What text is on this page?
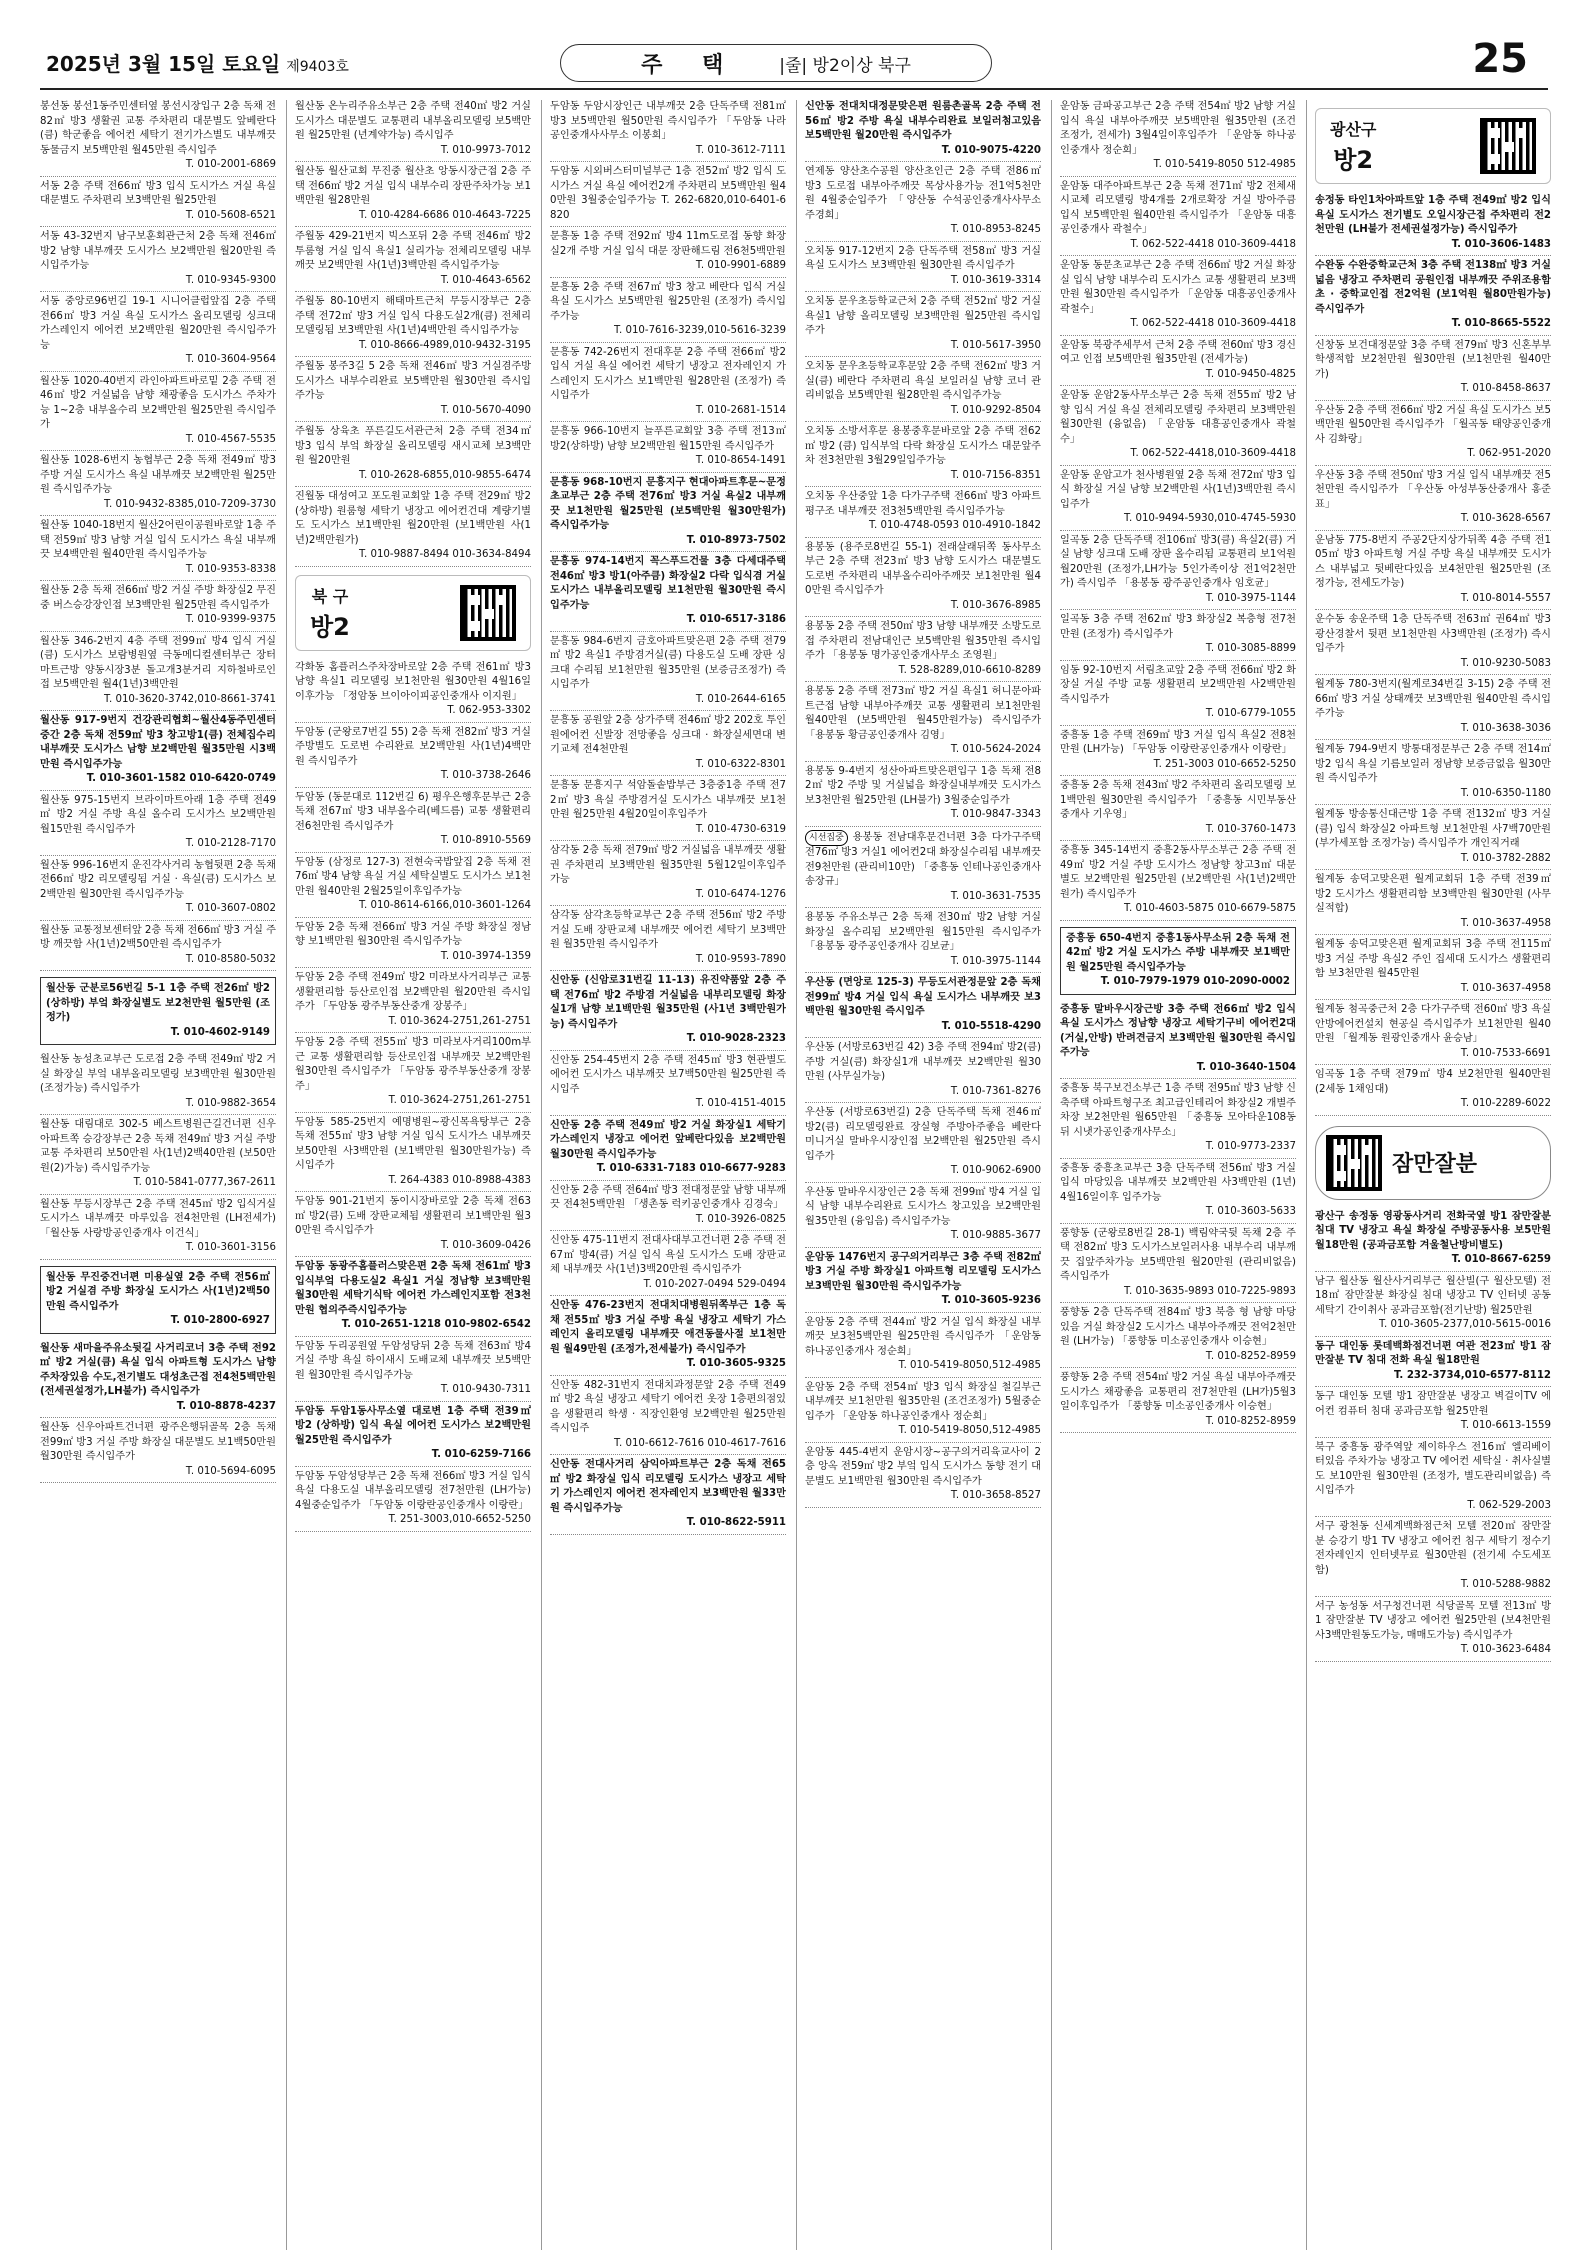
2025년 3월 15일 토요일 제9403호	주 택 |줄| 방2이상 북구	25
봉선동 봉선1동주민센터옆 봉선시장입구 2층 독채 전82㎡ 방3 생활권 교통 주차편리 대문별도 앞베란다(큼) 학군좋음 에어컨 세탁기 전기가스별도 내부깨끗 동물금지 보5백만원 월45만원 즉시입주
T. 010-2001-6869
서동 2층 주택 전66㎡ 방3 입식 도시가스 거실 욕실 대문별도 주차편리 보3백만원 월25만원
T. 010-5608-6521
서동 43-32번지 남구보훈회관근처 2층 독채 전46㎡ 방2 남향 내부깨끗 도시가스 보2백만원 월20만원 즉시입주가능
T. 010-9345-9300
서동 중앙로96번길 19-1 시니어클럽앞집 2층 주택 전66㎡ 방3 거실 욕실 도시가스 올리모델링 싱크대 가스레인지 에어컨 보2백만원 월20만원 즉시입주가능
T. 010-3604-9564
월산동 1020-40번지 라인아파트바로밑 2층 주택 전46㎡ 방2 거실넓음 남향 채광좋음 도시가스 주차가능 1~2층 내부올수리 보2백만원 월25만원 즉시입주가
T. 010-4567-5535
월산동 1028-6번지 농협부근 2층 독채 전49㎡ 방3 주방 거실 도시가스 욕실 내부깨끗 보2백만원 월25만원 즉시입주가능
T. 010-9432-8385,010-7209-3730
월산동 1040-18번지 월산2어린이공원바로앞 1층 주택 전59㎡ 방3 남향 거실 입식 도시가스 욕실 내부깨끗 보4백만원 월40만원 즉시입주가능
T. 010-9353-8338
월산동 2층 독채 전66㎡ 방2 거실 주방 화장실2 무진중 버스승강장인접 보3백만원 월25만원 즉시입주가
T. 010-9399-9375
월산동 346-2번지 4층 주택 전99㎡ 방4 입식 거실(큼) 도시가스 보람병원옆 극동메디컬센터부근 장터마트근방 양동시장3분 돌고개3분거리 지하철바로인접 보5백만원 월4(1년)3백만원
T. 010-3620-3742,010-8661-3741
월산동 917-9번지 건강관리협회~월산4동주민센터중간 2층 독채 전59㎡ 방3 창고방1(큼) 전체집수리 내부깨끗 도시가스 남향 보2백만원 월35만원 시3백만원 즉시입주가능
T. 010-3601-1582 010-6420-0749
월산동 975-15번지 브라이마트아래 1층 주택 전49㎡ 방2 거실 주방 욕실 올수리 도시가스 보2백만원 월15만원 즉시입주가
T. 010-2128-7170
월산동 996-16번지 운진각사거리 농협뒷편 2층 독채 전66㎡ 방2 리모델링됨 거실 · 욕실(큼) 도시가스 보2백만원 월30만원 즉시입주가능
T. 010-3607-0802
월산동 교통정보센터앞 2층 독채 전66㎡ 방3 거실 주방 깨끗함 사(1년)2백50만원 즉시입주가
T. 010-8580-5032
월산동 군분로56번길 5-1 1층 주택 전26㎡ 방2(상하방) 부엌 화장실별도 보2천만원 월5만원 (조정가)
T. 010-4602-9149
월산동 농성초교부근 도로접 2층 주택 전49㎡ 방2 거실 화장실 부엌 내부올리모델링 보3백만원 월30만원 (조정가능) 즉시입주가
T. 010-9882-3654
월산동 대림대로 302-5 베스트병원근길건너편 신우아파트쪽 승강장부근 2층 독채 전49㎡ 방3 거실 주방 교통 주차편리 보50만원 사(1년)2백40만원 (보50만원(2)가능) 즉시입주가능
T. 010-5841-0777,367-2611
월산동 무등시장부근 2층 주택 전45㎡ 방2 입식거실 도시가스 내부깨끗 마루있음 전4천만원 (LH전세가) 「월산동 사랑방공인중개사 이건식」
T. 010-3601-3156
월산동 무진중건너편 미용실옆 2층 주택 전56㎡ 방2 거실겸 주방 화장실 도시가스 사(1년)2백50만원 즉시입주가
T. 010-2800-6927
월산동 새마을주유소뒷길 사거리코너 3층 주택 전92㎡ 방2 거실(큼) 욕실 입식 아파트형 도시가스 남향 주차장있음 수도,전기별도 대성초근접 전4천5백만원 (전세권설정가,LH불가) 즉시입주가
T. 010-8878-4237
월산동 신우아파트건너편 광주은행뒤골목 2층 독채 전99㎡ 방3 거실 주방 화장실 대문별도 보1백50만원 월30만원 즉시입주가
T. 010-5694-6095
월산동 온누리주유소부근 2층 주택 전40㎡ 방2 거실 도시가스 대문별도 교통편리 내부올리모델링 보5백만원 월25만원 (년계약가능) 즉시입주
T. 010-9973-7012
월산동 월산교회 무진중 월산초 앙동시장근접 2층 주택 전66㎡ 방2 거실 입식 내부수리 장판주차가능 보1백만원 월28만원
T. 010-4284-6686 010-4643-7225
주월동 429-21번지 빅스포뒤 2층 주택 전46㎡ 방2 투룸형 거실 입식 욕실1 실리가능 전체리모델링 내부깨끗 보2백만원 사(1년)3백만원 즉시입주가능
T. 010-4643-6562
주월동 80-10번지 해태마트근처 무등시장부근 2층 주택 전72㎡ 방3 거실 입식 다용도실2개(큼) 전체리모델링됨 보3백만원 사(1년)4백만원 즉시입주가능
T. 010-8666-4989,010-9432-3195
주월동 봉주3길 5 2층 독채 전46㎡ 방3 거실겸주방 도시가스 내부수리완료 보5백만원 월30만원 즉시입주가능
T. 010-5670-4090
주월동 상육초 푸른길도서관근처 2층 주택 전34㎡ 방3 입식 부엌 화장실 올리모델링 새시교체 보3백만원 월20만원
T. 010-2628-6855,010-9855-6474
진월동 대성여고 포도원교회앞 1층 주택 전29㎡ 방2(상하방) 원룸형 세탁기 냉장고 에어컨건대 계량기별도 도시가스 보1백만원 월20만원 (보1백만원 사(1년)2백만원가)
T. 010-9887-8494 010-3634-8494
북 구
방2
각화동 홈플러스주차장바로앞 2층 주택 전61㎡ 방3 남향 욕실1 리모델링 보1천만원 월30만원 4월16일이후가능 「정암동 브이아이피공인중개사 이지원」
T. 062-953-3302
두암동 (군왕로7번길 55) 2층 독채 전82㎡ 방3 거실 주방별도 도로변 수리완료 보2백만원 사(1년)4백만원 즉시입주가
T. 010-3738-2646
두암동 (동문대로 112번길 6) 평우은행후문부근 2층 독채 전67㎡ 방3 내부올수리(베드름) 교통 생활편리 전6천만원 즉시입주가
T. 010-8910-5569
두암동 (삼정로 127-3) 전현숙국밥앞집 2층 독채 전76㎡ 방4 남향 욕실 거실 세탁실별도 도시가스 보1천만원 월40만원 2월25일이후입주가능
T. 010-8614-6166,010-3601-1264
두암동 2층 독채 전66㎡ 방3 거실 주방 화장실 정남향 보1백만원 월30만원 즉시입주가능
T. 010-3974-1359
두암동 2층 주택 전49㎡ 방2 미라보사거리부근 교통 생활편리함 등산로인접 보2백만원 월20만원 즉시입주가 「두암동 광주부동산중개 장봉주」
T. 010-3624-2751,261-2751
두암동 2층 주택 전55㎡ 방3 미라보사거리100m부근 교통 생활편리함 등산로인접 내부깨끗 보2백만원 월30만원 즉시입주가 「두암동 광주부동산중개 장봉주」
T. 010-3624-2751,261-2751
두암동 585-25번지 예명병원~광신목욕탕부근 2층 독채 전55㎡ 방3 남향 거실 입식 도시가스 내부깨끗 보50만원 사3백만원 (보1백만원 월30만원가능) 즉시입주가
T. 264-4383 010-8988-4383
두암동 901-21번지 동이시장바로앞 2층 독채 전63㎡ 방2(큼) 도배 장판교체됨 생활편리 보1백만원 월30만원 즉시입주가
T. 010-3609-0426
두암동 동광주홈플러스맞은편 2층 독채 전61㎡ 방3 입식부엌 다용도실2 욕실1 거실 정남향 보3백만원 월30만원 세탁기식탁 에어컨 가스레인지포함 전3천만원 협의주즉시입주가능
T. 010-2651-1218 010-9802-6542
두암동 두리공원옆 두암성당뒤 2층 독채 전63㎡ 방4 거실 주방 욕실 하이새시 도배교체 내부깨끗 보5백만원 월30만원 즉시입주가능
T. 010-9430-7311
두암동 두암1동사무소옆 대로변 1층 주택 전39㎡ 방2 (상하방) 입식 욕실 에어컨 도시가스 보2백만원 월25만원 즉시입주가
T. 010-6259-7166
두암동 두암성당부근 2층 독채 전66㎡ 방3 거실 입식 욕실 다용도실 내부올리모델링 전7천만원 (LH가능) 4월중순입주가 「두암동 이랑란공인중개사 이랑란」
T. 251-3003,010-6652-5250
두암동 두암시장인근 내부깨끗 2층 단독주택 전81㎡ 방3 보5백만원 월50만원 즉시입주가 「두암동 나라공인중개사사무소 이봉희」
T. 010-3612-7111
두암동 시외버스터미널부근 1층 전52㎡ 방2 입식 도시가스 거실 욕실 에어컨2개 주차편리 보5백만원 월40만원 3월중순입주가능 T. 262-6820,010-6401-6820
문흥동 1층 주택 전92㎡ 방4 11m도로접 동향 화장실2개 주방 거실 입식 대문 장판해드림 전6천5백만원
T. 010-9901-6889
문흥동 2층 주택 전67㎡ 방3 창고 베란다 입식 거실 욕실 도시가스 보5백만원 월25만원 (조정가) 즉시입주가능
T. 010-7616-3239,010-5616-3239
문흥동 742-26번지 전대후문 2층 주택 전66㎡ 방2 입식 거실 욕실 에어컨 세탁기 냉장고 전자레인지 가스레인지 도시가스 보1백만원 월28만원 (조정가) 즉시입주가
T. 010-2681-1514
문흥동 966-10번지 늘푸른교회앞 3층 주택 전13㎡ 방2(상하방) 남향 보2백만원 월15만원 즉시입주가
T. 010-8654-1491
문흥동 968-10번지 문흥지구 현대아파트후문~문정초교부근 2층 주택 전76㎡ 방3 거실 욕실2 내부깨끗 보1천만원 월25만원 (보5백만원 월30만원가) 즉시입주가능
T. 010-8973-7502
문흥동 974-14번지 꼭스푸드건물 3층 다세대주택 전46㎡ 방3 방1(아주큼) 화장실2 다락 입식겸 거실 도시가스 내부올리모델링 보1천만원 월30만원 즉시입주가능
T. 010-6517-3186
문흥동 984-6번지 금호아파트맞은편 2층 주택 전79㎡ 방2 욕실1 주방겸거실(큼) 다용도실 도배 장판 싱크대 수리됨 보1천만원 월35만원 (보증금조정가) 즉시입주가
T. 010-2644-6165
문흥동 공원앞 2층 상가주택 전46㎡ 방2 202호 투인원에어컨 신발장 전망좋음 싱크대 · 화장실세면대 변기교체 전4천만원
T. 010-6322-8301
문흥동 문흥지구 석암돌솥밥부근 3층중1층 주택 전72㎡ 방3 욕실 주방겸거실 도시가스 내부깨끗 보1천만원 월25만원 4월20일이후입주가
T. 010-4730-6319
삼각동 2층 독채 전79㎡ 방2 거실넓음 내부깨끗 생활권 주차편리 보3백만원 월35만원 5월12일이후입주가능
T. 010-6474-1276
삼각동 삼각초등학교부근 2층 주택 전56㎡ 방2 주방 거실 도배 장판교체 내부깨끗 에어컨 세탁기 보3백만원 월35만원 즉시입주가
T. 010-9593-7890
신안동 (신암로31번길 11-13) 유진약품앞 2층 주택 전76㎡ 방2 주방겸 거실넓음 내부리모델링 화장실1개 남향 보1백만원 월35만원 (사1년 3백만원가능) 즉시입주가
T. 010-9028-2323
신안동 254-45번지 2층 주택 전45㎡ 방3 현관별도 에어컨 도시가스 내부깨끗 보7백50만원 월25만원 즉시입주
T. 010-4151-4015
신안동 2층 주택 전49㎡ 방2 거실 화장실1 세탁기 가스레인지 냉장고 에어컨 앞베란다있음 보2백만원 월30만원 즉시입주가능
T. 010-6331-7183 010-6677-9283
신안동 2층 주택 전64㎡ 방3 전대정문앞 남향 내부깨끗 전4천5백만원 「생촌동 럭키공인중개사 김경숙」
T. 010-3926-0825
신안동 475-11번지 전대사대부고건너편 2층 주택 전67㎡ 방4(큼) 거실 입식 욕실 도시가스 도배 장판교체 내부깨끗 사(1년)3백20만원 즉시입주가
T. 010-2027-0494 529-0494
신안동 476-23번지 전대치대병원뒤쪽부근 1층 독채 전55㎡ 방3 거실 주방 욕실 냉장고 세탁기 가스레인지 올리모델링 내부깨끗 애견동물사절 보1천만원 월49만원 (조정가,전세불가) 즉시입주가
T. 010-3605-9325
신안동 482-31번지 전대치과정문앞 2층 주택 전49㎡ 방2 욕실 냉장고 세탁기 에어컨 옷장 1층편의점있음 생활편리 학생 · 직장인환영 보2백만원 월25만원 즉시입주
T. 010-6612-7616 010-4617-7616
신안동 전대사거리 삼익아파트부근 2층 독채 전65㎡ 방2 화장실 입식 리모델링 도시가스 냉장고 세탁기 가스레인지 에어컨 전자레인지 보3백만원 월33만원 즉시입주가능
T. 010-8622-5911
신안동 전대치대정문맞은편 원룸촌골목 2층 주택 전56㎡ 방2 주방 욕실 내부수리완료 보일러첨고있음 보5백만원 월20만원 즉시입주가
T. 010-9075-4220
연제동 양산초수공원 양산초인근 2층 주택 전86㎡ 방3 도로접 내부아주깨끗 목상사용가능 전1억5천만원 4월중순입주가 「양산동 수석공인중개사사무소 주경희」
T. 010-8953-8245
오치동 917-12번지 2층 단독주택 전58㎡ 방3 거실 욕실 도시가스 보3백만원 월30만원 즉시입주가
T. 010-3619-3314
오치동 문우초등학교근처 2층 주택 전52㎡ 방2 거실 욕실1 남향 올리모델링 보3백만원 월25만원 즉시입주가
T. 010-5617-3950
오치동 문우초등학교후문앞 2층 주택 전62㎡ 방3 거실(큼) 베란다 주차편리 욕실 보일러실 남향 코너 관리비없음 보5백만원 월28만원 즉시입주가능
T. 010-9292-8504
오치동 소방서후문 용봉중후문바로앞 2층 주택 전62㎡ 방2 (큼) 입식부엌 다락 화장실 도시가스 대문앞주차 전3천만원 3월29일입주가능
T. 010-7156-8351
오치동 우산중앞 1층 다가구주택 전66㎡ 방3 아파트평구조 내부깨끗 전3천5백만원 즉시입주가능
T. 010-4748-0593 010-4910-1842
용봉동 (용주로8번길 55-1) 전래살래뒤쪽 동사무소부근 2층 주택 전23㎡ 방3 남향 도시가스 대문별도 도로변 주차편리 내부올수리아주깨끗 보1천만원 월40만원 즉시입주가
T. 010-3676-8985
용봉동 2층 주택 전50㎡ 방3 남향 내부깨끗 소방도로접 주차편리 전남대인근 보5백만원 월35만원 즉시입주가 「용봉동 명가공인중개사무소 조영원」
T. 528-8289,010-6610-8289
용봉동 2층 주택 전73㎡ 방2 거실 욕실1 허니문아파트근접 남향 내부아주깨끗 교통 생활편리 보1천만원 월40만원 (보5백만원 월45만원가능) 즉시입주가 「용봉동 황금공인중개사 김영」
T. 010-5624-2024
용봉동 9-4번지 성산아파트맞은편입구 1층 독채 전82㎡ 방2 주방 및 거실넓음 화장실내부깨끗 도시가스 보3천만원 월25만원 (LH불가) 3월중순입주가
T. 010-9847-3343
시선집중 용봉동 전남대후문건너편 3층 다가구주택 전76㎡ 방3 거실1 에어컨2대 화장실수리됨 내부깨끗 전9천만원 (관리비10만) 「중흥동 인테나공인중개사 송장규」
T. 010-3631-7535
용봉동 주유소부근 2층 독채 전30㎡ 방2 남향 거실 화장실 올수리됨 보2백만원 월15만원 즉시입주가 「용봉동 광주공인중개사 김보균」
T. 010-3975-1144
우산동 (면앙로 125-3) 무등도서관정문앞 2층 독채 전99㎡ 방4 거실 입식 욕실 도시가스 내부깨끗 보3백만원 월30만원 즉시입주
T. 010-5518-4290
우산동 (서방로63번길 42) 3층 주택 전94㎡ 방2(큼) 주방 거실(큼) 화장실1개 내부깨끗 보2백만원 월30만원 (사무실가능)
T. 010-7361-8276
우산동 (서방로63번길) 2층 단독주택 독채 전46㎡ 방2(큼) 리모델링완료 장실형 주방아주좋음 베란다 미니거실 말바우시장인접 보2백만원 월25만원 즉시입주가
T. 010-9062-6900
우산동 말바우시장인근 2층 독채 전99㎡ 방4 거실 입식 남향 내부수리완료 도시가스 창고있음 보2백만원 월35만원 (융입음) 즉시입주가능
T. 010-9885-3677
운암동 1476번지 공구의거리부근 3층 주택 전82㎡ 방3 거실 주방 화장실1 아파트형 리모델링 도시가스 보3백만원 월30만원 즉시입주가능
T. 010-3605-9236
운암동 2층 주택 전44㎡ 방2 거실 입식 화장실 내부깨끗 보3천5백만원 월25만원 즉시입주가 「운암동 하나공인중개사 정순희」
T. 010-5419-8050,512-4985
운암동 2층 주택 전54㎡ 방3 입식 화장실 철길부근 내부깨끗 보1천만원 월35만원 (조건조정가) 5월중순입주가 「운암동 하나공인중개사 정순희」
T. 010-5419-8050,512-4985
운암동 445-4번지 운암시장~공구의거리육교사이 2층 앙옥 전59㎡ 방2 부엌 입식 도시가스 동향 전기 대문별도 보1백만원 월30만원 즉시입주가
T. 010-3658-8527
운암동 금파공고부근 2층 주택 전54㎡ 방2 남향 거실 입식 욕실 내부아주깨끗 보5백만원 월35만원 (조건조정가, 전세가) 3월4일이후입주가 「운암동 하나공인중개사 정순희」
T. 010-5419-8050 512-4985
운암동 대주아파트부근 2층 독채 전71㎡ 방2 전체새시교체 리모델링 방4개를 2개로확장 거실 방아주큼 입식 보5백만원 월40만원 즉시입주가 「운암동 대흥공인중개사 곽철수」
T. 062-522-4418 010-3609-4418
운암동 동문초교부근 2층 주택 전66㎡ 방2 거실 화장실 입식 남향 내부수리 도시가스 교통 생활편리 보3백만원 월30만원 즉시입주가 「운암동 대흥공인중개사 곽철수」
T. 062-522-4418 010-3609-4418
운암동 북광주세무서 근처 2층 주택 전60㎡ 방3 경신여고 인접 보5백만원 월35만원 (전세가능)
T. 010-9450-4825
운암동 운암2동사무소부근 2층 독채 전55㎡ 방2 남향 입식 거실 욕실 전체리모델링 주차편리 보3백만원 월30만원 (융없음) 「운암동 대흥공인중개사 곽철수」
T. 062-522-4418,010-3609-4418
운암동 운암고가 천사병원옆 2층 독채 전72㎡ 방3 입식 화장실 거실 남향 보2백만원 사(1년)3백만원 즉시입주가
T. 010-9494-5930,010-4745-5930
일곡동 2층 단독주택 전106㎡ 방3(큼) 욕실2(큼) 거실 남향 싱크대 도배 장판 올수리됨 교통편리 보1억원 월20만원 (조정가,LH가능 5인가족이상 전1억2천만가) 즉시입주 「용봉동 광주공인중개사 임호균」
T. 010-3975-1144
일곡동 3층 주택 전62㎡ 방3 화장실2 복층형 전7천만원 (조정가) 즉시입주가
T. 010-3085-8899
임동 92-10번지 서림초교앞 2층 주택 전66㎡ 방2 화장실 거실 주방 교통 생활편리 보2백만원 사2백만원 즉시입주가
T. 010-6779-1055
중흥동 1층 주택 전69㎡ 방3 거실 입식 욕실2 전8천만원 (LH가능) 「두암동 이랑란공인중개사 이랑란」
T. 251-3003 010-6652-5250
중흥동 2층 독채 전43㎡ 방2 주차편리 올리모델링 보1백만원 월30만원 즉시입주가 「중흥동 시민부동산중개사 기우영」
T. 010-3760-1473
중흥동 345-14번지 중흥2동사무소부근 2층 주택 전49㎡ 방2 거실 주방 도시가스 정남향 창고3㎡ 대문별도 보2백만원 월25만원 (보2백만원 사(1년)2백만원가) 즉시입주가
T. 010-4603-5875 010-6679-5875
중흥동 650-4번지 중흥1동사무소뒤 2층 독채 전42㎡ 방2 거실 도시가스 주방 내부깨끗 보1백만원 월25만원 즉시입주가능
T. 010-7979-1979 010-2090-0002
중흥동 말바우시장근방 3층 주택 전66㎡ 방2 입식 욕실 도시가스 정남향 냉장고 세탁기구비 에어컨2대(거실,안방) 반려견금지 보3백만원 월30만원 즉시입주가능
T. 010-3640-1504
중흥동 북구보건소부근 1층 주택 전95㎡ 방3 남향 신축주택 아파트형구조 최고급인테리어 화장실2 개별주차장 보2천만원 월65만원 「중흥동 모아타운108동뒤 시냇가공인중개사무소」
T. 010-9773-2337
중흥동 중흥초교부근 3층 단독주택 전56㎡ 방3 거실 입식 마당있음 내부깨끗 보2백만원 사3백만원 (1년) 4월16일이후 입주가능
T. 010-3603-5633
풍향동 (군왕로8번길 28-1) 백림약국뒷 독채 2층 주택 전82㎡ 방3 도시가스보일러사용 내부수리 내부깨끗 집앞주차가능 보5백만원 월20만원 (관리비없음) 즉시입주가
T. 010-3635-9893 010-7225-9893
풍향동 2층 단독주택 전84㎡ 방3 북층 형 남향 마당있음 거실 화장실2 도시가스 내부아주깨끗 전억2천만원 (LH가능) 「풍향동 미소공인중개사 이승현」
T. 010-8252-8959
풍향동 2층 주택 전54㎡ 방2 거실 욕실 내부아주깨끗 도시가스 채광좋음 교통편리 전7천만원 (LH가)5월3일이후입주가 「풍향동 미소공인중개사 이승현」
T. 010-8252-8959
광산구
방2
송정동 타인1차아파트앞 1층 주택 전49㎡ 방2 입식 욕실 도시가스 전기별도 오일시장근접 주차편리 전2천만원 (LH불가 전세권설정가능) 즉시입주가
T. 010-3606-1483
수완동 수완중학교근처 3층 주택 전138㎡ 방3 거실넓음 냉장고 주차편리 공원인접 내부깨끗 주위조용함 초 · 중학교인접 전2억원 (보1억원 월80만원가능) 즉시입주가
T. 010-8665-5522
신창동 보건대정문앞 3층 주택 전79㎡ 방3 신혼부부 학생적합 보2천만원 월30만원 (보1천만원 월40만가)
T. 010-8458-8637
우산동 2층 주택 전66㎡ 방2 거실 욕실 도시가스 보5백만원 월50만원 즉시입주가 「월곡동 태양공인중개사 김화랑」
T. 062-951-2020
우산동 3층 주택 전50㎡ 방3 거실 입식 내부깨끗 전5천만원 즉시입주가 「우산동 아성부동산중개사 홍준표」
T. 010-3628-6567
운남동 775-8번지 주공2단지상가뒤쪽 4층 주택 전105㎡ 방3 아파트형 거실 주방 욕실 내부깨끗 도시가스 내부넓고 뒷베란다있음 보4천만원 월25만원 (조정가능, 전세도가능)
T. 010-8014-5557
운수동 송운주택 1층 단독주택 전63㎡ 권64㎡ 방3 광산경찰서 뒷편 보1천만원 사3백만원 (조정가) 즉시입주가
T. 010-9230-5083
월계동 780-3번지(월계로34번길 3-15) 2층 주택 전66㎡ 방3 거실 상태깨끗 보3백만원 월40만원 즉시입주가능
T. 010-3638-3036
월계동 794-9번지 방통대정문부근 2층 주택 전14㎡ 방2 입식 욕실 기름보일러 정남향 보증금없음 월30만원 즉시입주가
T. 010-6350-1180
월계동 방송통신대근방 1층 주택 전132㎡ 방3 거실(큼) 입식 화장실2 아파트형 보1천만원 사7백70만원 (부가세포함 조정가능) 즉시입주가 개인직거래
T. 010-3782-2882
월계동 송덕고맞은편 월계교회뒤 1층 주택 전39㎡ 방2 도시가스 생활편리함 보3백만원 월30만원 (사무실적합)
T. 010-3637-4958
월계동 송덕고맞은편 월계교회뒤 3층 주택 전115㎡ 방3 거실 주방 욕실2 주인 집세대 도시가스 생활편리함 보3천만원 월45만원
T. 010-3637-4958
월계동 첨곡중근처 2층 다가구주택 전60㎡ 방3 욕실 안방에어컨설치 현공실 즉시입주가 보1천만원 월40만원 「월계동 원광인중개사 윤승남」
T. 010-7533-6691
임곡동 1층 주택 전79㎡ 방4 보2천만원 월40만원 (2세동 1채임대)
T. 010-2289-6022
잠만잘분
광산구 송정동 영광동사거리 전화국옆 방1 잠만잘분 침대 TV 냉장고 욕실 화장실 주방공동사용 보5만원 월18만원 (공과금포함 겨울철난방비별도)
T. 010-8667-6259
남구 월산동 월산사거리부근 월산빌(구 월산모텔) 전18㎡ 잠만잘분 화장실 침대 냉장고 TV 인터넷 공동세탁기 간이취사 공과금포함(전기난방) 월25만원
T. 010-3605-2377,010-5615-0016
동구 대인동 롯데백화점건너편 여관 전23㎡ 방1 잠만잘분 TV 침대 전화 욕실 월18만원
T. 232-3734,010-6577-8112
동구 대인동 모텔 방1 잠만잘분 냉장고 벽걸이TV 에어컨 컴퓨터 침대 공과금포함 월25만원
T. 010-6613-1559
북구 중흥동 광주역앞 제이하우스 전16㎡ 엘리베이터있음 주차가능 냉장고 TV 에어컨 세탁실 · 취사실별도 보10만원 월30만원 (조정가, 별도관리비없음) 즉시입주가
T. 062-529-2003
서구 광천동 신세계백화점근처 모텔 전20㎡ 잠만잘분 승강기 방1 TV 냉장고 에어컨 침구 세탁기 정수기 전자레인지 인터넷무료 월30만원 (전기세 수도세포함)
T. 010-5288-9882
서구 농성동 서구청건너편 식당골목 모텔 전13㎡ 방1 잠만잘분 TV 냉장고 에어컨 월25만원 (보4천만원 사3백만원동도가능, 매매도가능) 즉시입주가
T. 010-3623-6484
